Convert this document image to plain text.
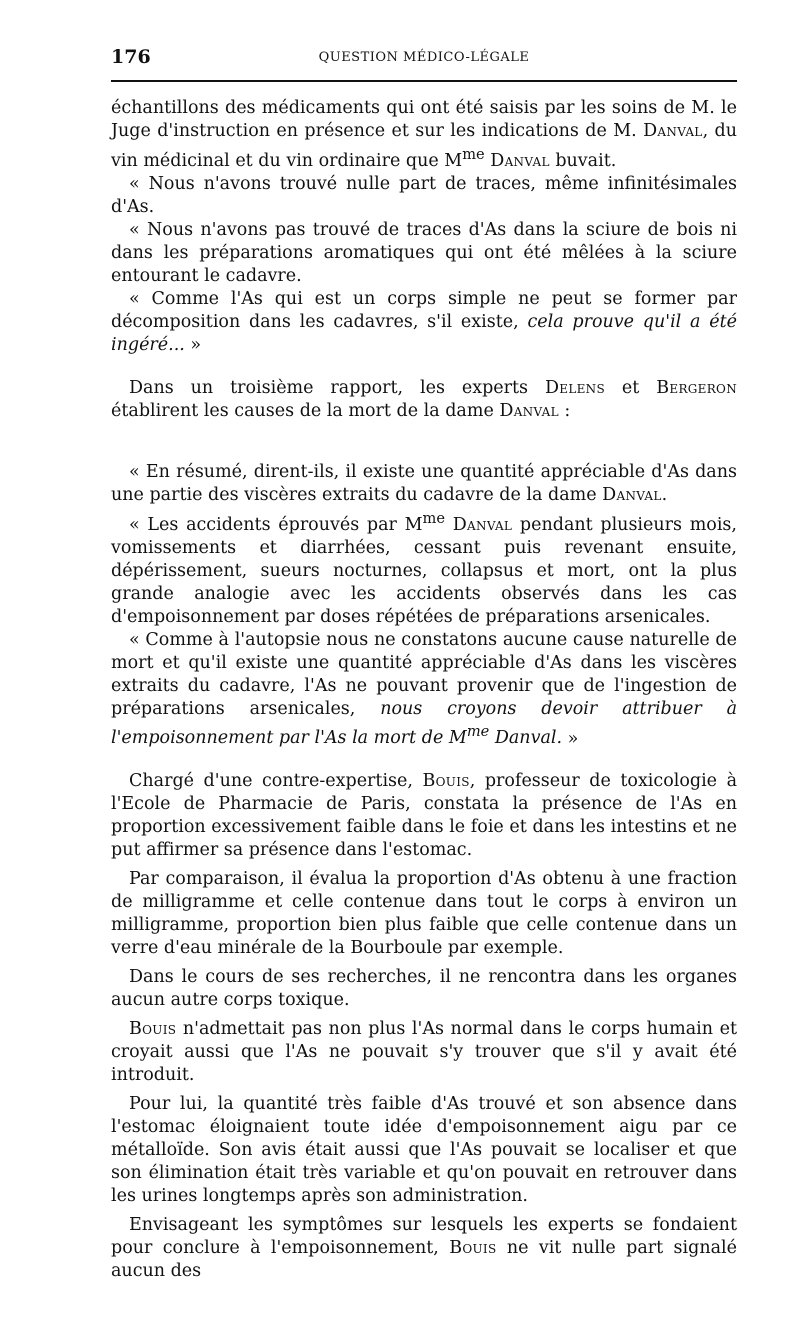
176	QUESTION MÉDICO-LÉGALE

échantillons des médicaments qui ont été saisis par les soins de M. le Juge d'instruction en présence et sur les indications de M. Danval, du vin médicinal et du vin ordinaire que $M^{me}$ Danval buvait.

« Nous n'avons trouvé nulle part de traces, même infinitésimales d'As.

« Nous n'avons pas trouvé de traces d'As dans la sciure de bois ni dans les préparations aromatiques qui ont été mêlées à la sciure entourant le cadavre.

« Comme l'As qui est un corps simple ne peut se former par décomposition dans les cadavres, s'il existe, cela prouve qu'il a été ingéré... »

Dans un troisième rapport, les experts Delens et Bergeron établirent les causes de la mort de la dame Danval :

« En résumé, dirent-ils, il existe une quantité appréciable d'As dans une partie des viscères extraits du cadavre de la dame Danval.

« Les accidents éprouvés par $M^{me}$ Danval pendant plusieurs mois, vomissements et diarrhées, cessant puis revenant ensuite, dépérissement, sueurs nocturnes, collapsus et mort, ont la plus grande analogie avec les accidents observés dans les cas d'empoisonnement par doses répétées de préparations arsenicales.

« Comme à l'autopsie nous ne constatons aucune cause naturelle de mort et qu'il existe une quantité appréciable d'As dans les viscères extraits du cadavre, l'As ne pouvant provenir que de l'ingestion de préparations arsenicales, nous croyons devoir attribuer à l'empoisonnement par l'As la mort de $M^{me}$ Danval. »

Chargé d'une contre-expertise, Bouis, professeur de toxicologie à l'Ecole de Pharmacie de Paris, constata la présence de l'As en proportion excessivement faible dans le foie et dans les intestins et ne put affirmer sa présence dans l'estomac.

Par comparaison, il évalua la proportion d'As obtenu à une fraction de milligramme et celle contenue dans tout le corps à environ un milligramme, proportion bien plus faible que celle contenue dans un verre d'eau minérale de la Bourboule par exemple.

Dans le cours de ses recherches, il ne rencontra dans les organes aucun autre corps toxique.

Bouis n'admettait pas non plus l'As normal dans le corps humain et croyait aussi que l'As ne pouvait s'y trouver que s'il y avait été introduit.

Pour lui, la quantité très faible d'As trouvé et son absence dans l'estomac éloignaient toute idée d'empoisonnement aigu par ce métalloïde. Son avis était aussi que l'As pouvait se localiser et que son élimination était très variable et qu'on pouvait en retrouver dans les urines longtemps après son administration.

Envisageant les symptômes sur lesquels les experts se fondaient pour conclure à l'empoisonnement, Bouis ne vit nulle part signalé aucun des
